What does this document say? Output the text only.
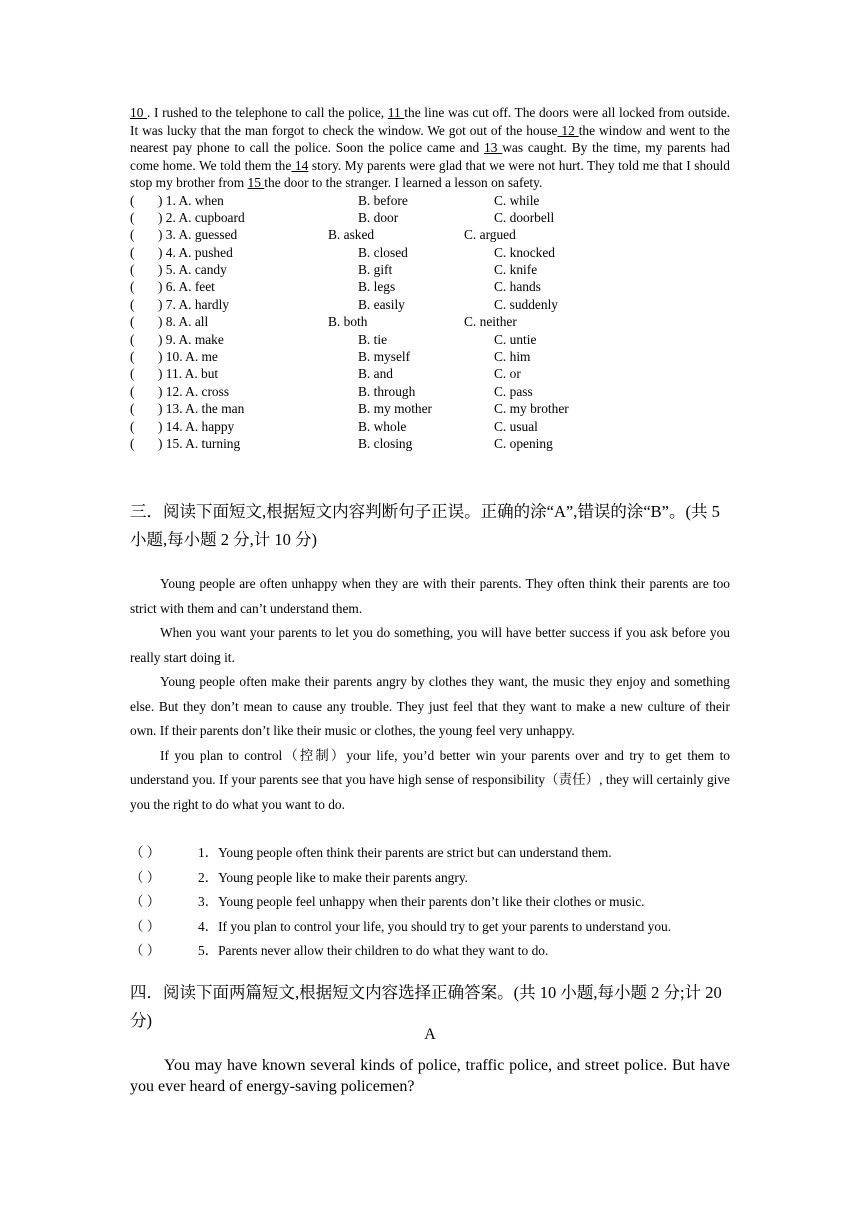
10 . I rushed to the telephone to call the police, 11 the line was cut off. The doors were all locked from outside. It was lucky that the man forgot to check the window. We got out of the house 12 the window and went to the nearest pay phone to call the police. Soon the police came and 13 was caught. By the time, my parents had come home. We told them the 14 story. My parents were glad that we were not hurt. They told me that I should stop my brother from 15 the door to the stranger. I learned a lesson on safety.

( ) 1. A. when	B. before	C. while
( ) 2. A. cupboard	B. door	C. doorbell
( ) 3. A. guessed	B. asked	C. argued
( ) 4. A. pushed	B. closed	C. knocked
( ) 5. A. candy	B. gift	C. knife
( ) 6. A. feet	B. legs	C. hands
( ) 7. A. hardly	B. easily	C. suddenly
( ) 8. A. all	B. both	C. neither
( ) 9. A. make	B. tie	C. untie
( ) 10. A. me	B. myself	C. him
( ) 11. A. but	B. and	C. or
( ) 12. A. cross	B. through	C. pass
( ) 13. A. the man	B. my mother	C. my brother
( ) 14. A. happy	B. whole	C. usual
( ) 15. A. turning	B. closing	C. opening

三．阅读下面短文,根据短文内容判断句子正误。正确的涂“A”,错误的涂“B”。(共 5 小题,每小题 2 分,计 10 分)

Young people are often unhappy when they are with their parents. They often think their parents are too strict with them and can’t understand them.

When you want your parents to let you do something, you will have better success if you ask before you really start doing it.

Young people often make their parents angry by clothes they want, the music they enjoy and something else. But they don’t mean to cause any trouble. They just feel that they want to make a new culture of their own. If their parents don’t like their music or clothes, the young feel very unhappy.

If you plan to control（控制）your life, you’d better win your parents over and try to get them to understand you. If your parents see that you have high sense of responsibility（责任）, they will certainly give you the right to do what you want to do.

（ ）	1．Young people often think their parents are strict but can understand them.
（ ）	2．Young people like to make their parents angry.
（ ）	3．Young people feel unhappy when their parents don’t like their clothes or music.
（ ）	4．If you plan to control your life, you should try to get your parents to understand you.
（ ）	5．Parents never allow their children to do what they want to do.

四．阅读下面两篇短文,根据短文内容选择正确答案。(共 10 小题,每小题 2 分;计 20 分)

A

You may have known several kinds of police, traffic police, and street police. But have you ever heard of energy-saving policemen?
